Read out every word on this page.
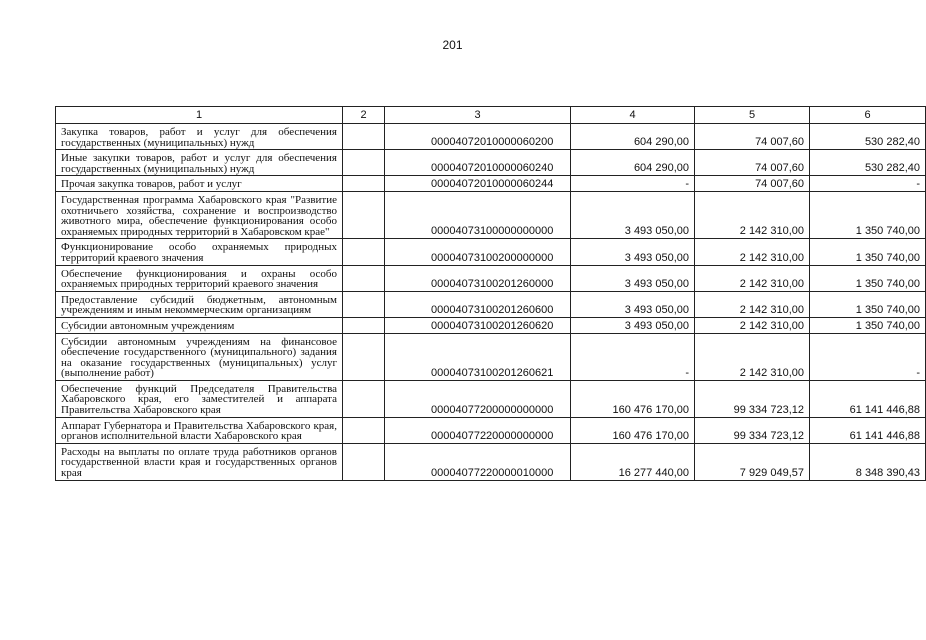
201
1	2	3	4	5	6
Закупка товаров, работ и услуг для обеспечения государственных (муниципальных) нужд		00004072010000060200	604 290,00	74 007,60	530 282,40
Иные закупки товаров, работ и услуг для обеспечения государственных (муниципальных) нужд		00004072010000060240	604 290,00	74 007,60	530 282,40
Прочая закупка товаров, работ и услуг		00004072010000060244	-	74 007,60	-
Государственная программа Хабаровского края "Развитие охотничьего хозяйства, сохранение и воспроизводство животного мира, обеспечение функционирования особо охраняемых природных территорий в Хабаровском крае"		00004073100000000000	3 493 050,00	2 142 310,00	1 350 740,00
Функционирование особо охраняемых природных территорий краевого значения		00004073100200000000	3 493 050,00	2 142 310,00	1 350 740,00
Обеспечение функционирования и охраны особо охраняемых природных территорий краевого значения		00004073100201260000	3 493 050,00	2 142 310,00	1 350 740,00
Предоставление субсидий бюджетным, автономным учреждениям и иным некоммерческим организациям		00004073100201260600	3 493 050,00	2 142 310,00	1 350 740,00
Субсидии автономным учреждениям		00004073100201260620	3 493 050,00	2 142 310,00	1 350 740,00
Субсидии автономным учреждениям на финансовое обеспечение государственного (муниципального) задания на оказание государственных (муниципальных) услуг (выполнение работ)		00004073100201260621	-	2 142 310,00	-
Обеспечение функций Председателя Правительства Хабаровского края, его заместителей и аппарата Правительства Хабаровского края		00004077200000000000	160 476 170,00	99 334 723,12	61 141 446,88
Аппарат Губернатора и Правительства Хабаровского края, органов исполнительной власти Хабаровского края		00004077220000000000	160 476 170,00	99 334 723,12	61 141 446,88
Расходы на выплаты по оплате труда работников органов государственной власти края и государственных органов края		00004077220000010000	16 277 440,00	7 929 049,57	8 348 390,43
